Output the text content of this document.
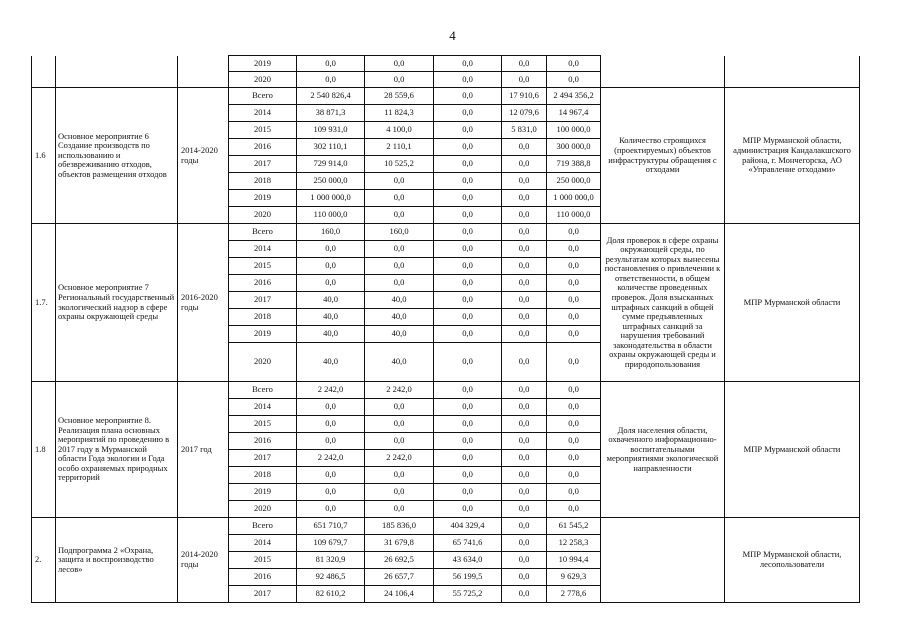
4
			2019	0,0	0,0	0,0	0,0	0,0		
			2020	0,0	0,0	0,0	0,0	0,0		
1.6	Основное мероприятие 6 Создание производств по использованию и обезвреживанию отходов, объектов размещения отходов	2014-2020 годы	Всего	2 540 826,4	28 559,6	0,0	17 910,6	2 494 356,2	Количество строящихся (проектируемых) объектов инфраструктуры обращения с отходами	МПР Мурманской области, администрация Кандалакшского района, г. Мончегорска, АО «Управление отходами»
			2014	38 871,3	11 824,3	0,0	12 079,6	14 967,4		
			2015	109 931,0	4 100,0	0,0	5 831,0	100 000,0		
			2016	302 110,1	2 110,1	0,0	0,0	300 000,0		
			2017	729 914,0	10 525,2	0,0	0,0	719 388,8		
			2018	250 000,0	0,0	0,0	0,0	250 000,0		
			2019	1 000 000,0	0,0	0,0	0,0	1 000 000,0		
			2020	110 000,0	0,0	0,0	0,0	110 000,0		
1.7.	Основное мероприятие 7 Региональный государственный экологический надзор в сфере охраны окружающей среды	2016-2020 годы	Всего	160,0	160,0	0,0	0,0	0,0	Доля проверок в сфере охраны окружающей среды, по результатам которых вынесены постановления о привлечении к ответственности, в общем количестве проведенных проверок. Доля взысканных штрафных санкций в общей сумме предъявленных штрафных санкций за нарушения требований законодательства в области охраны окружающей среды и природопользования	МПР Мурманской области
			2014	0,0	0,0	0,0	0,0	0,0		
			2015	0,0	0,0	0,0	0,0	0,0		
			2016	0,0	0,0	0,0	0,0	0,0		
			2017	40,0	40,0	0,0	0,0	0,0		
			2018	40,0	40,0	0,0	0,0	0,0		
			2019	40,0	40,0	0,0	0,0	0,0		
			2020	40,0	40,0	0,0	0,0	0,0		
1.8	Основное мероприятие 8. Реализация плана основных мероприятий по проведению в 2017 году в Мурманской области Года экологии и Года особо охраняемых природных территорий	2017 год	Всего	2 242,0	2 242,0	0,0	0,0	0,0	Доля населения области, охваченного информационно-воспитательными мероприятиями экологической направленности	МПР Мурманской области
			2014	0,0	0,0	0,0	0,0	0,0		
			2015	0,0	0,0	0,0	0,0	0,0		
			2016	0,0	0,0	0,0	0,0	0,0		
			2017	2 242,0	2 242,0	0,0	0,0	0,0		
			2018	0,0	0,0	0,0	0,0	0,0		
			2019	0,0	0,0	0,0	0,0	0,0		
			2020	0,0	0,0	0,0	0,0	0,0		
2.	Подпрограмма 2 «Охрана, защита и воспроизводство лесов»	2014-2020 годы	Всего	651 710,7	185 836,0	404 329,4	0,0	61 545,2		МПР Мурманской области, лесопользователи
			2014	109 679,7	31 679,8	65 741,6	0,0	12 258,3		
			2015	81 320,9	26 692,5	43 634,0	0,0	10 994,4		
			2016	92 486,5	26 657,7	56 199,5	0,0	9 629,3		
			2017	82 610,2	24 106,4	55 725,2	0,0	2 778,6		
